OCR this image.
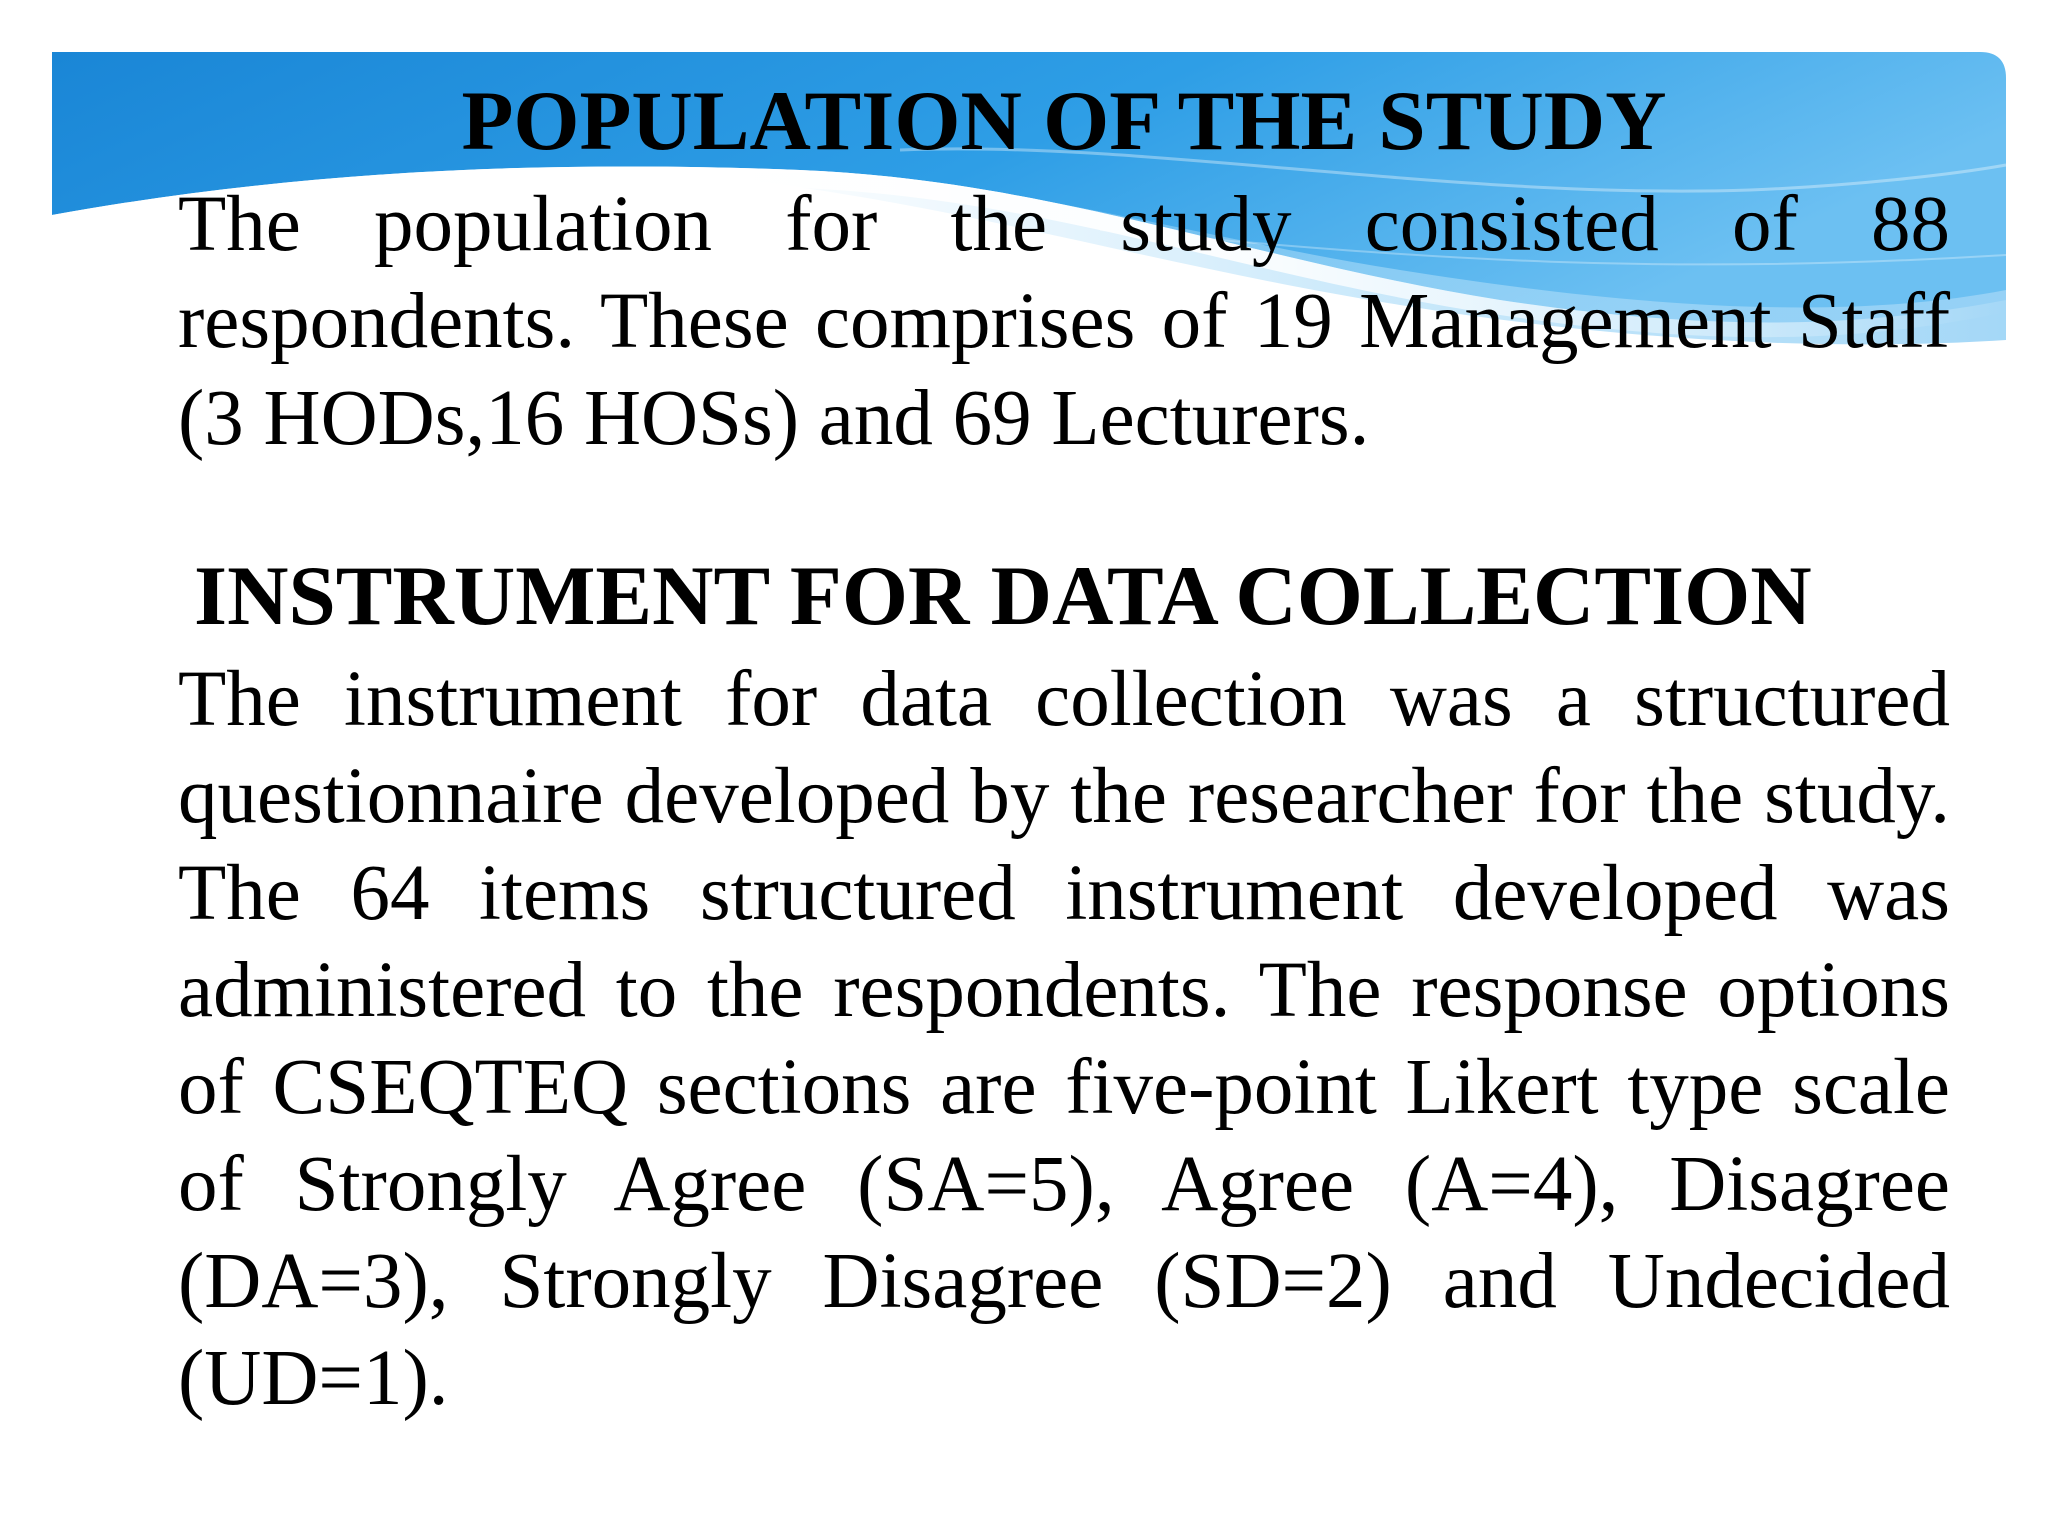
POPULATION OF THE STUDY

The population for the study consisted of 88 respondents. These comprises of 19 Management Staff (3 HODs,16 HOSs) and 69 Lecturers.

INSTRUMENT FOR DATA COLLECTION

The instrument for data collection was a structured questionnaire developed by the researcher for the study. The 64 items structured instrument developed was administered to the respondents. The response options of CSEQTEQ sections are five-point Likert type scale of Strongly Agree (SA=5), Agree (A=4), Disagree (DA=3), Strongly Disagree (SD=2) and Undecided (UD=1).
